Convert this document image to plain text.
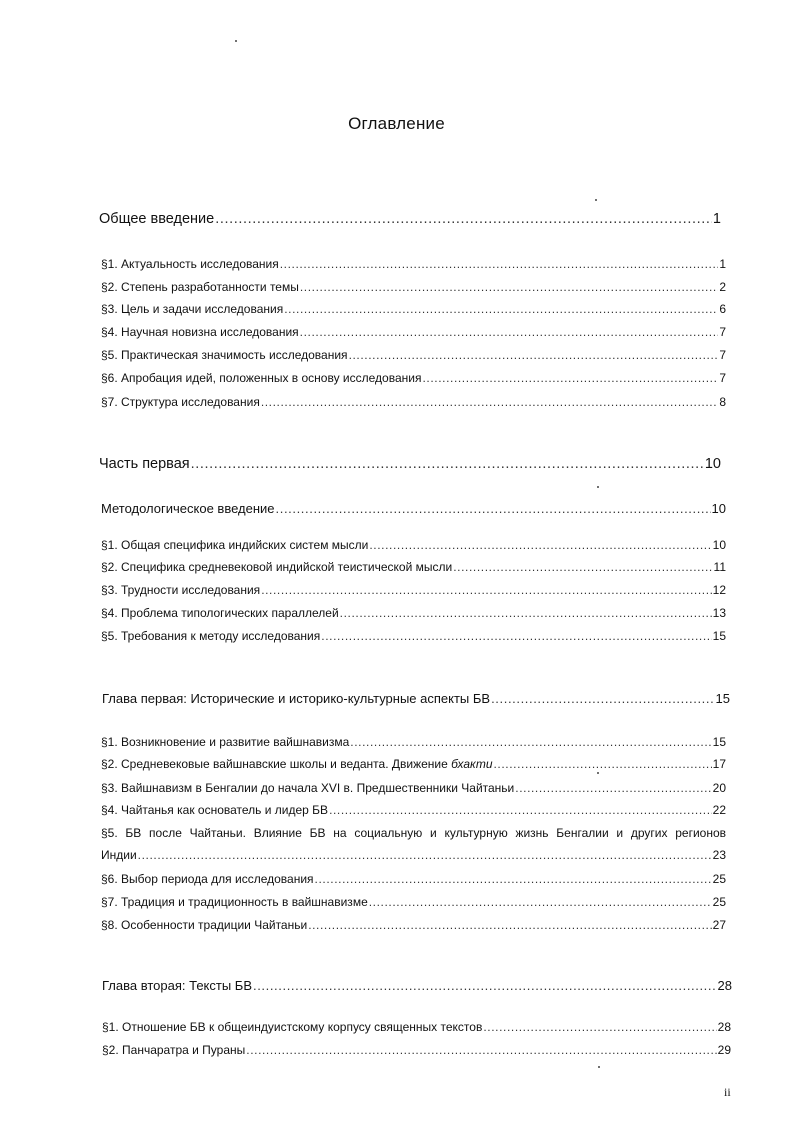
Оглавление
Общее введение .....	1
§1. Актуальность исследования .....	1
§2. Степень разработанности темы .....	2
§3. Цель и задачи исследования .....	6
§4. Научная новизна исследования .....	7
§5. Практическая значимость исследования .....	7
§6. Апробация идей, положенных в основу исследования .....	7
§7. Структура исследования .....	8
Часть первая .....	10
Методологическое введение .....	10
§1. Общая специфика индийских систем мысли .....	10
§2. Специфика средневековой индийской теистической мысли .....	11
§3. Трудности исследования .....	12
§4. Проблема типологических параллелей .....	13
§5. Требования к методу исследования .....	15
Глава первая: Исторические и историко-культурные аспекты БВ .....	15
§1. Возникновение и развитие вайшнавизма .....	15
§2. Средневековые вайшнавские школы и веданта. Движение бхакти .....	17
§3. Вайшнавизм в Бенгалии до начала XVI в. Предшественники Чайтаньи .....	20
§4. Чайтанья как основатель и лидер БВ .....	22
§5. БВ после Чайтаньи. Влияние БВ на социальную и культурную жизнь Бенгалии и других регионов
Индии .....	23
§6. Выбор периода для исследования .....	25
§7. Традиция и традиционность в вайшнавизме .....	25
§8. Особенности традиции Чайтаньи .....	27
Глава вторая: Тексты БВ .....	28
§1. Отношение БВ к общеиндуистскому корпусу священных текстов .....	28
§2. Панчаратра и Пураны .....	29
ii
